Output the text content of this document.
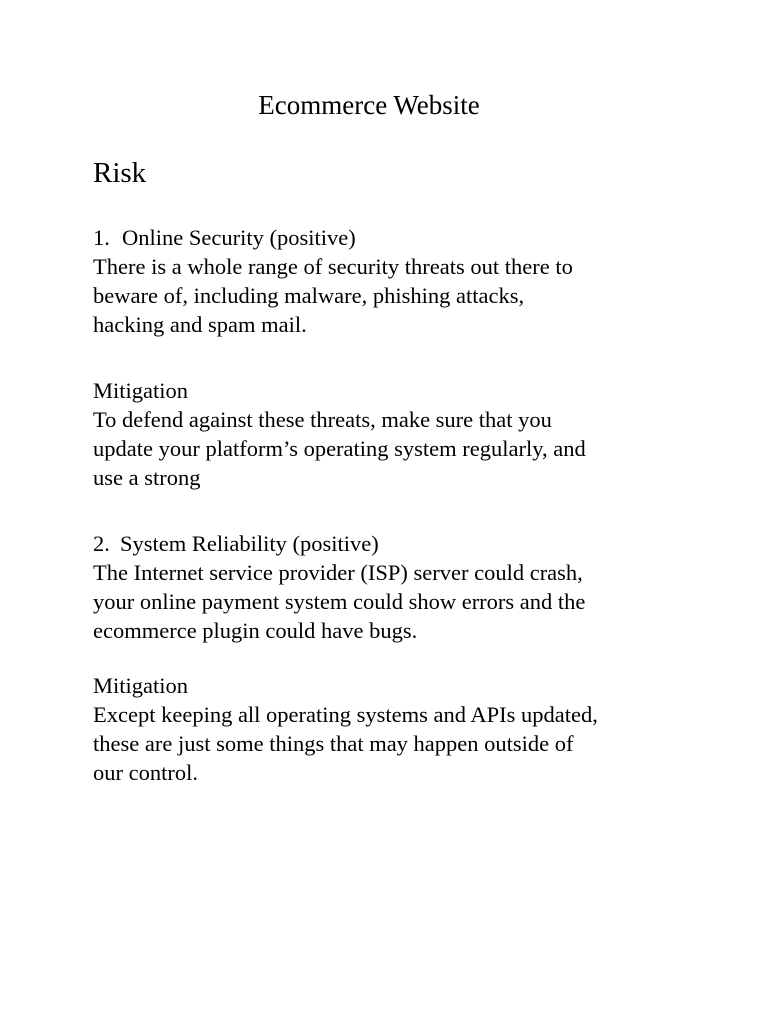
Ecommerce Website
Risk
1. Online Security (positive)
There is a whole range of security threats out there to
beware of, including malware, phishing attacks,
hacking and spam mail.
Mitigation
To defend against these threats, make sure that you
update your platform’s operating system regularly, and
use a strong
2. System Reliability (positive)
The Internet service provider (ISP) server could crash,
your online payment system could show errors and the
ecommerce plugin could have bugs.
Mitigation
Except keeping all operating systems and APIs updated,
these are just some things that may happen outside of
our control.
